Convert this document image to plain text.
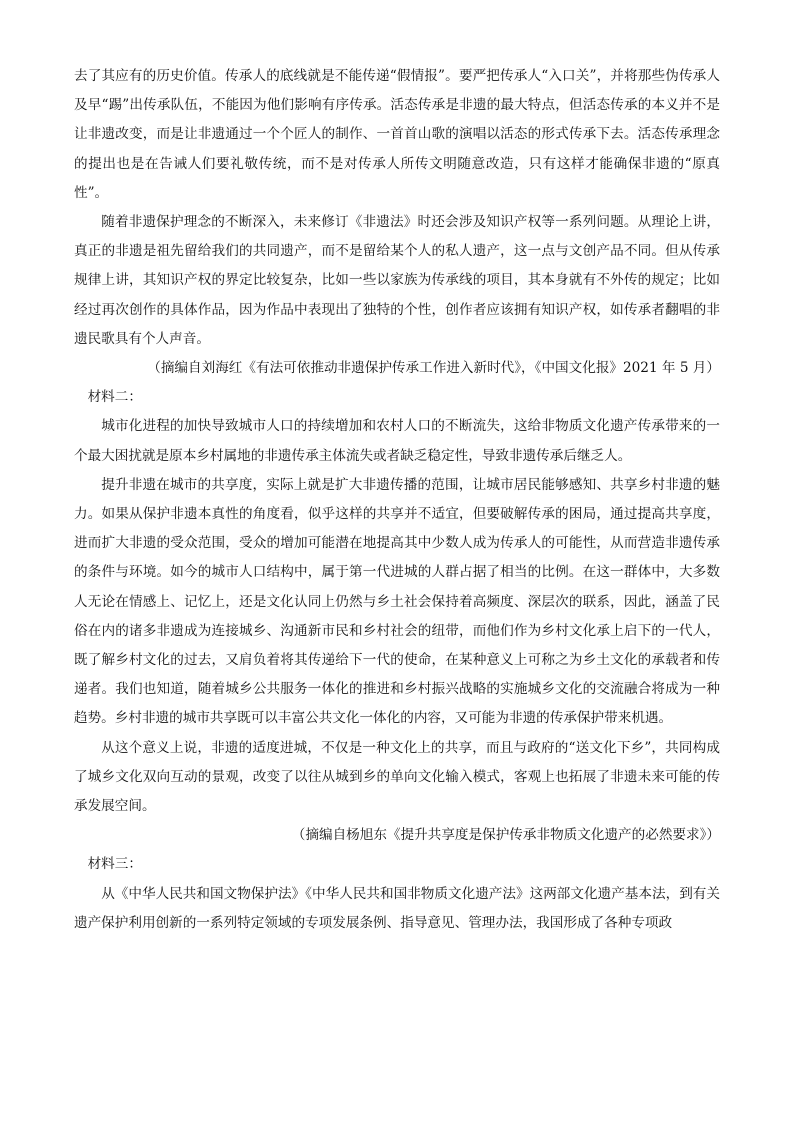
去了其应有的历史价值。传承人的底线就是不能传递“假情报”。要严把传承人“入口关”，并将那些伪传承人及早“踢”出传承队伍，不能因为他们影响有序传承。活态传承是非遗的最大特点，但活态传承的本义并不是让非遗改变，而是让非遗通过一个个匠人的制作、一首首山歌的演唱以活态的形式传承下去。活态传承理念的提出也是在告诫人们要礼敬传统，而不是对传承人所传文明随意改造，只有这样才能确保非遗的“原真性”。

随着非遗保护理念的不断深入，未来修订《非遗法》时还会涉及知识产权等一系列问题。从理论上讲，真正的非遗是祖先留给我们的共同遗产，而不是留给某个人的私人遗产，这一点与文创产品不同。但从传承规律上讲，其知识产权的界定比较复杂，比如一些以家族为传承线的项目，其本身就有不外传的规定；比如经过再次创作的具体作品，因为作品中表现出了独特的个性，创作者应该拥有知识产权，如传承者翻唱的非遗民歌具有个人声音。

（摘编自刘海红《有法可依推动非遗保护传承工作进入新时代》，《中国文化报》2021 年 5 月）

材料二：

城市化进程的加快导致城市人口的持续增加和农村人口的不断流失，这给非物质文化遗产传承带来的一个最大困扰就是原本乡村属地的非遗传承主体流失或者缺乏稳定性，导致非遗传承后继乏人。

提升非遗在城市的共享度，实际上就是扩大非遗传播的范围，让城市居民能够感知、共享乡村非遗的魅力。如果从保护非遗本真性的角度看，似乎这样的共享并不适宜，但要破解传承的困局，通过提高共享度，进而扩大非遗的受众范围，受众的增加可能潜在地提高其中少数人成为传承人的可能性，从而营造非遗传承的条件与环境。如今的城市人口结构中，属于第一代进城的人群占据了相当的比例。在这一群体中，大多数人无论在情感上、记忆上，还是文化认同上仍然与乡土社会保持着高频度、深层次的联系，因此，涵盖了民俗在内的诸多非遗成为连接城乡、沟通新市民和乡村社会的纽带，而他们作为乡村文化承上启下的一代人，既了解乡村文化的过去，又肩负着将其传递给下一代的使命，在某种意义上可称之为乡土文化的承载者和传递者。我们也知道，随着城乡公共服务一体化的推进和乡村振兴战略的实施城乡文化的交流融合将成为一种趋势。乡村非遗的城市共享既可以丰富公共文化一体化的内容，又可能为非遗的传承保护带来机遇。

从这个意义上说，非遗的适度进城，不仅是一种文化上的共享，而且与政府的“送文化下乡”，共同构成了城乡文化双向互动的景观，改变了以往从城到乡的单向文化输入模式，客观上也拓展了非遗未来可能的传承发展空间。

（摘编自杨旭东《提升共享度是保护传承非物质文化遗产的必然要求》）

材料三：

从《中华人民共和国文物保护法》《中华人民共和国非物质文化遗产法》这两部文化遗产基本法，到有关遗产保护利用创新的一系列特定领域的专项发展条例、指导意见、管理办法，我国形成了各种专项政
